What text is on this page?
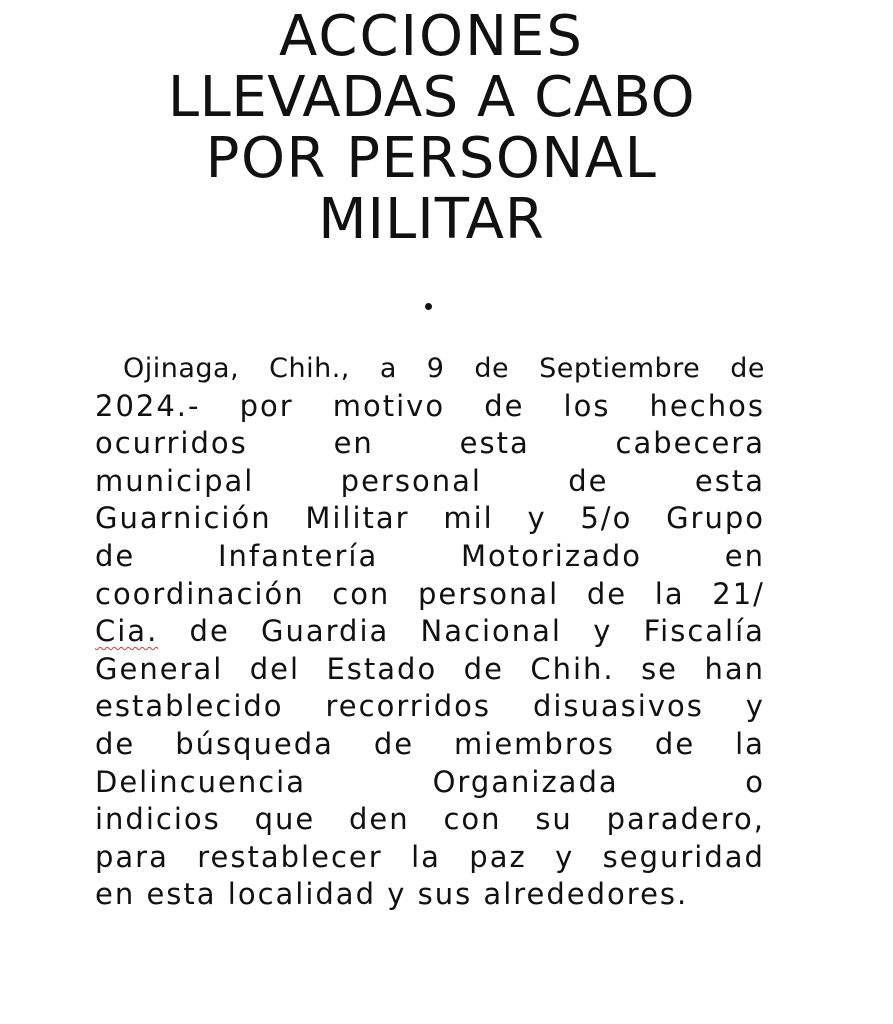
ACCIONES
LLEVADAS A CABO
POR PERSONAL
MILITAR
Ojinaga, Chih., a 9 de Septiembre de
2024.- por motivo de los hechos
ocurridos	en	esta	cabecera
municipal	personal	de	esta
Guarnición Militar mil y 5/o Grupo
de	Infantería	Motorizado	en
coordinación con personal de la 21/
Cia. de Guardia Nacional y Fiscalía
General del Estado de Chih. se han
establecido recorridos disuasivos y
de búsqueda de miembros de la
Delincuencia	Organizada	o
indicios que den con su paradero,
para restablecer la paz y seguridad
en
esta
localidad
y
sus
alrededores.
